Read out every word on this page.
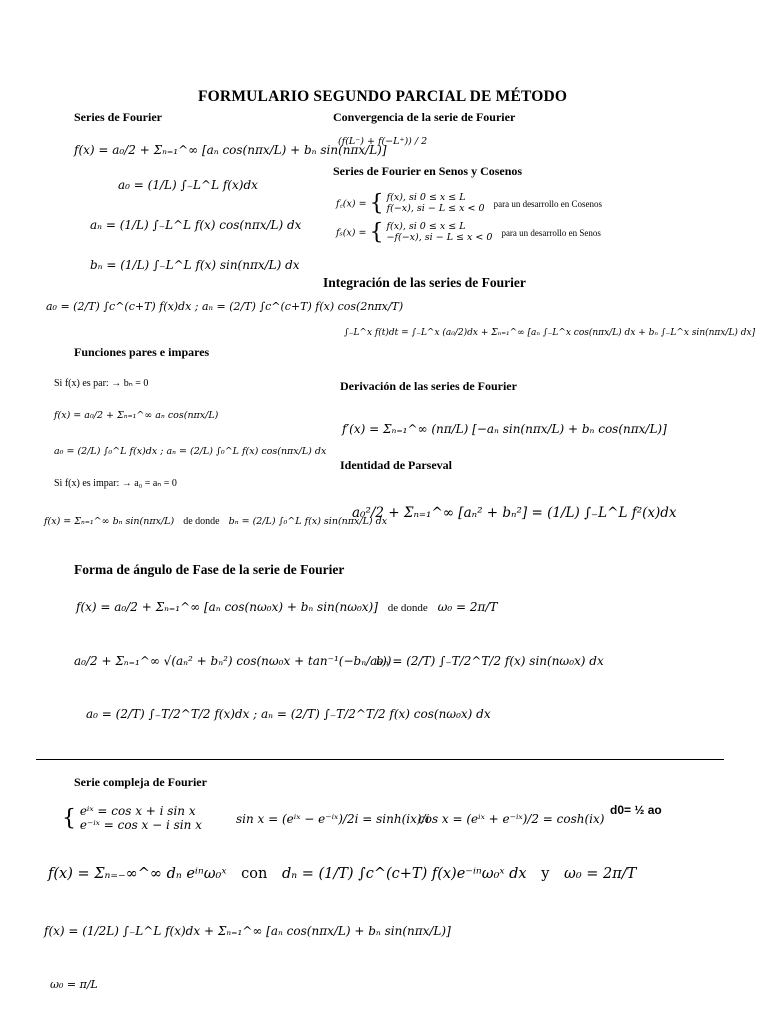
FORMULARIO SEGUNDO PARCIAL DE MÉTODO
Series de Fourier
f(x) = a₀/2 + Σₙ₌₁^∞ [aₙ cos(nπx/L) + bₙ sin(nπx/L)]
a₀ = (1/L) ∫₋L^L f(x)dx
aₙ = (1/L) ∫₋L^L f(x) cos(nπx/L) dx
bₙ = (1/L) ∫₋L^L f(x) sin(nπx/L) dx
a₀ = (2/T) ∫c^(c+T) f(x)dx ; aₙ = (2/T) ∫c^(c+T) f(x) cos(2nπx/T)
Convergencia de la serie de Fourier
(f(L⁻) + f(−L⁺)) / 2
Series de Fourier en Senos y Cosenos
f꜀(x) = { f(x), si 0 ≤ x ≤ L
f(−x), si − L ≤ x < 0 para un desarrollo en Cosenos
fₛ(x) = { f(x), si 0 ≤ x ≤ L
−f(−x), si − L ≤ x < 0 para un desarrollo en Senos
Integración de las series de Fourier
∫₋L^x f(t)dt = ∫₋L^x (a₀/2)dx + Σₙ₌₁^∞ [aₙ ∫₋L^x cos(nπx/L) dx + bₙ ∫₋L^x sin(nπx/L) dx]
Funciones pares e impares
Si f(x) es par: → bₙ = 0
f(x) = a₀/2 + Σₙ₌₁^∞ aₙ cos(nπx/L)
a₀ = (2/L) ∫₀^L f(x)dx ; aₙ = (2/L) ∫₀^L f(x) cos(nπx/L) dx
Si f(x) es impar: → a₀ = aₙ = 0
f(x) = Σₙ₌₁^∞ bₙ sin(nπx/L) de donde bₙ = (2/L) ∫₀^L f(x) sin(nπx/L) dx
Derivación de las series de Fourier
f′(x) = Σₙ₌₁^∞ (nπ/L) [−aₙ sin(nπx/L) + bₙ cos(nπx/L)]
Identidad de Parseval
a₀²/2 + Σₙ₌₁^∞ [aₙ² + bₙ²] = (1/L) ∫₋L^L f²(x)dx
Forma de ángulo de Fase de la serie de Fourier
f(x) = a₀/2 + Σₙ₌₁^∞ [aₙ cos(nω₀x) + bₙ sin(nω₀x)] de donde ω₀ = 2π/T
a₀/2 + Σₙ₌₁^∞ √(aₙ² + bₙ²) cos(nω₀x + tan⁻¹(−bₙ/aₙ))
bₙ = (2/T) ∫₋T/2^T/2 f(x) sin(nω₀x) dx
a₀ = (2/T) ∫₋T/2^T/2 f(x)dx ; aₙ = (2/T) ∫₋T/2^T/2 f(x) cos(nω₀x) dx
Serie compleja de Fourier
{ eⁱˣ = cos x + i sin x
e⁻ⁱˣ = cos x − i sin x	sin x = (eⁱˣ − e⁻ⁱˣ)/2i = sinh(ix)/i
cos x = (eⁱˣ + e⁻ⁱˣ)/2 = cosh(ix)
d0= ½ ao
f(x) = Σₙ₌₋∞^∞ dₙ eⁱⁿω₀ˣ con dₙ = (1/T) ∫c^(c+T) f(x)e⁻ⁱⁿω₀ˣ dx y ω₀ = 2π/T
f(x) = (1/2L) ∫₋L^L f(x)dx + Σₙ₌₁^∞ [aₙ cos(nπx/L) + bₙ sin(nπx/L)]
ω₀ = π/L
